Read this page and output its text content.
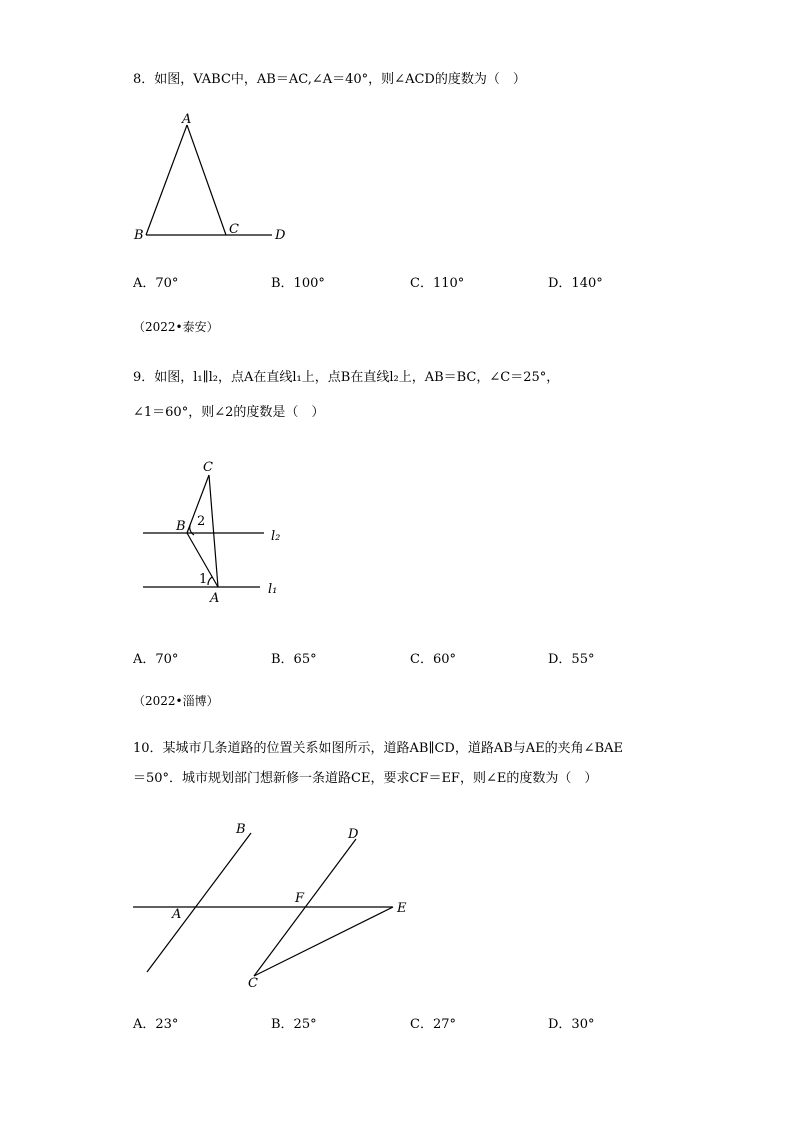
8．如图，VABC中，AB＝AC,∠A＝40°，则∠ACD的度数为（　）
A
B	C	D
A．70°	B．100°	C．110°	D．140°
（2022•泰安）
9．如图，l₁∥l₂，点A在直线l₁上，点B在直线l₂上，AB＝BC，∠C＝25°，
∠1＝60°，则∠2的度数是（　）
C
B 2
1
A
l₂
l₁
A．70°	B．65°	C．60°	D．55°
（2022•淄博）
10．某城市几条道路的位置关系如图所示，道路AB∥CD，道路AB与AE的夹角∠BAE
＝50°．城市规划部门想新修一条道路CE，要求CF＝EF，则∠E的度数为（　）
B	D
A
F
E
C
A．23°	B．25°	C．27°	D．30°
